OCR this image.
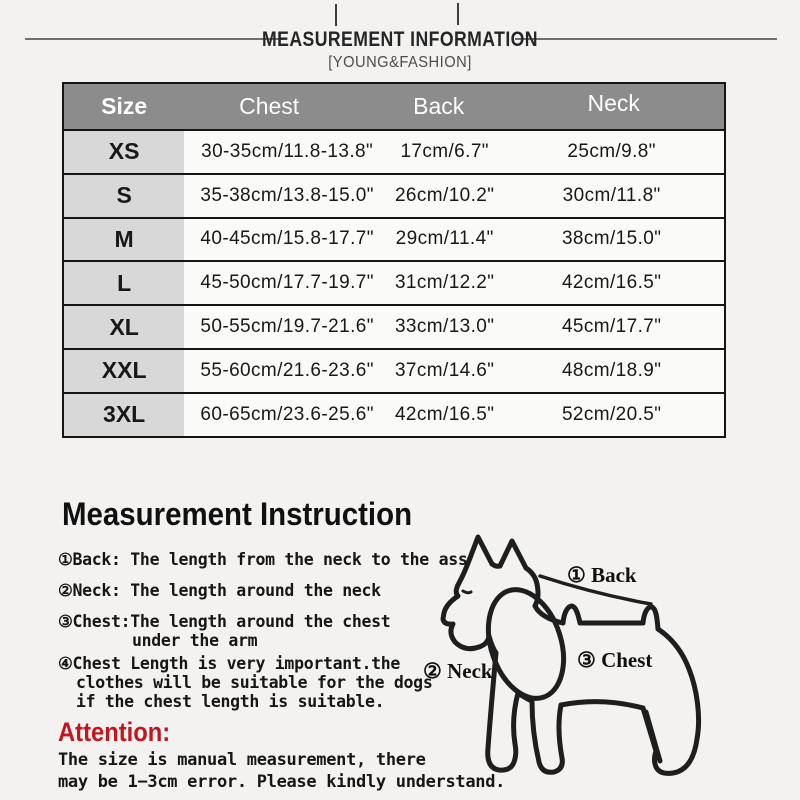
MEASUREMENT INFORMATION
[YOUNG&FASHION]
Size	Chest	Back	Neck
XS	30-35cm/11.8-13.8"	17cm/6.7"	25cm/9.8"
S	35-38cm/13.8-15.0"	26cm/10.2"	30cm/11.8"
M	40-45cm/15.8-17.7"	29cm/11.4"	38cm/15.0"
L	45-50cm/17.7-19.7"	31cm/12.2"	42cm/16.5"
XL	50-55cm/19.7-21.6"	33cm/13.0"	45cm/17.7"
XXL	55-60cm/21.6-23.6"	37cm/14.6"	48cm/18.9"
3XL	60-65cm/23.6-25.6"	42cm/16.5"	52cm/20.5"
Measurement Instruction
①Back: The length from the neck to the ass
②Neck: The length around the neck
③Chest:The length around the chest
under the arm
④Chest Length is very important.the
clothes will be suitable for the dogs
if the chest length is suitable.
① Back
② Neck	③ Chest
Attention:
The size is manual measurement, there
may be 1−3cm error. Please kindly understand.
